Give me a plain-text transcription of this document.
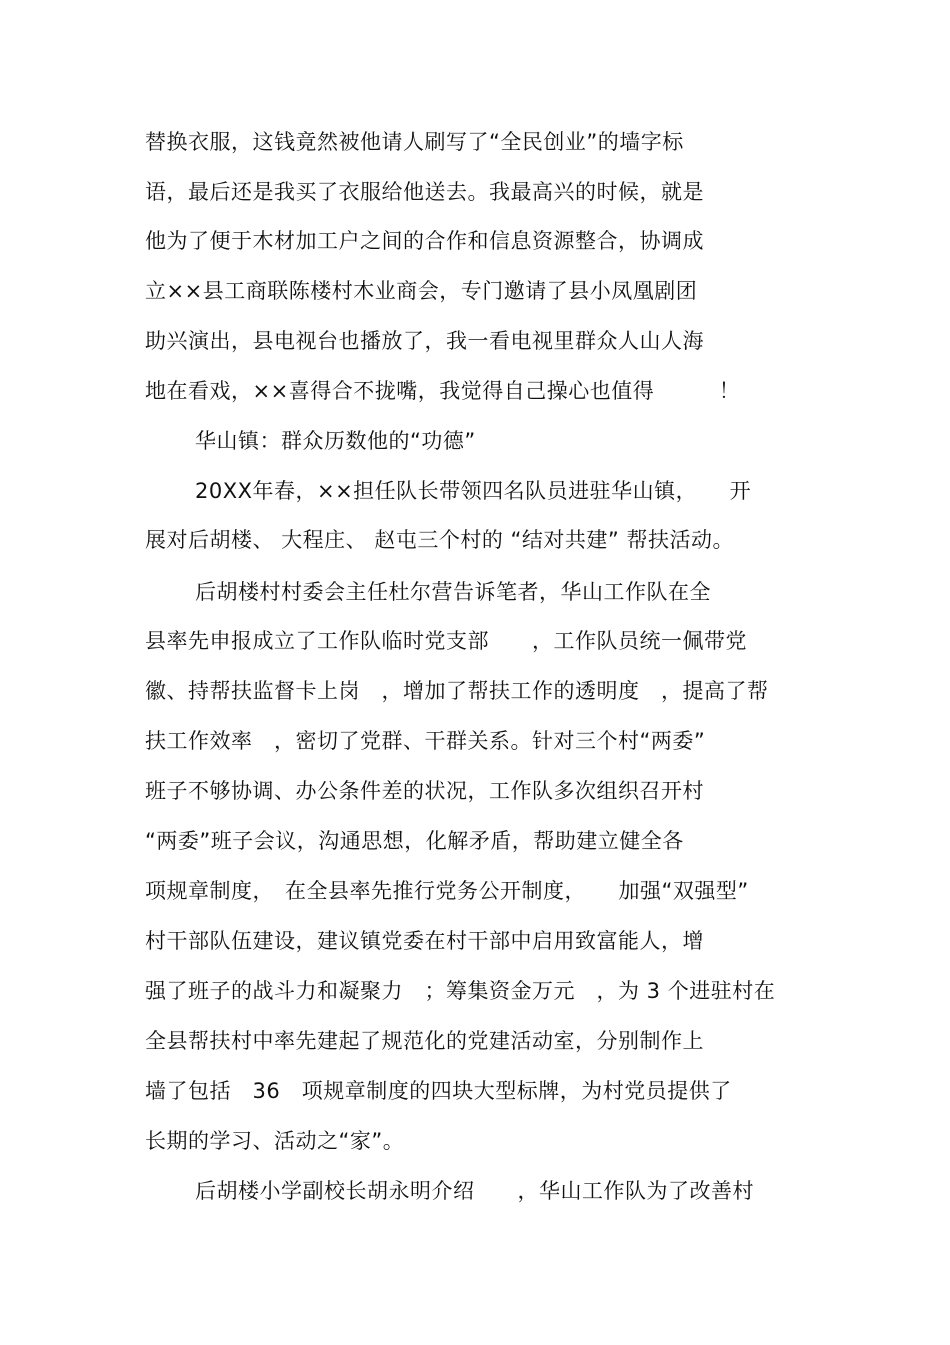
替换衣服，这钱竟然被他请人刷写了“全民创业”的墙字标
语，最后还是我买了衣服给他送去。我最高兴的时候，就是
他为了便于木材加工户之间的合作和信息资源整合，协调成
立××县工商联陈楼村木业商会，专门邀请了县小凤凰剧团
助兴演出，县电视台也播放了，我一看电视里群众人山人海
地在看戏，××喜得合不拢嘴，我觉得自己操心也值得　　　！
华山镇：群众历数他的“功德”
20XX年春，××担任队长带领四名队员进驻华山镇，　　开
展对后胡楼、 大程庄、 赵屯三个村的 “结对共建” 帮扶活动。
后胡楼村村委会主任杜尔营告诉笔者，华山工作队在全
县率先申报成立了工作队临时党支部　　，工作队员统一佩带党
徽、持帮扶监督卡上岗　，增加了帮扶工作的透明度　，提高了帮
扶工作效率　，密切了党群、干群关系。针对三个村“两委”
班子不够协调、办公条件差的状况，工作队多次组织召开村
“两委”班子会议，沟通思想，化解矛盾，帮助建立健全各
项规章制度，　在全县率先推行党务公开制度，　　加强“双强型”
村干部队伍建设，建议镇党委在村干部中启用致富能人，增
强了班子的战斗力和凝聚力　；筹集资金万元　，为 3 个进驻村在
全县帮扶村中率先建起了规范化的党建活动室，分别制作上
墙了包括　36　项规章制度的四块大型标牌，为村党员提供了
长期的学习、活动之“家”。
后胡楼小学副校长胡永明介绍　　，华山工作队为了改善村
